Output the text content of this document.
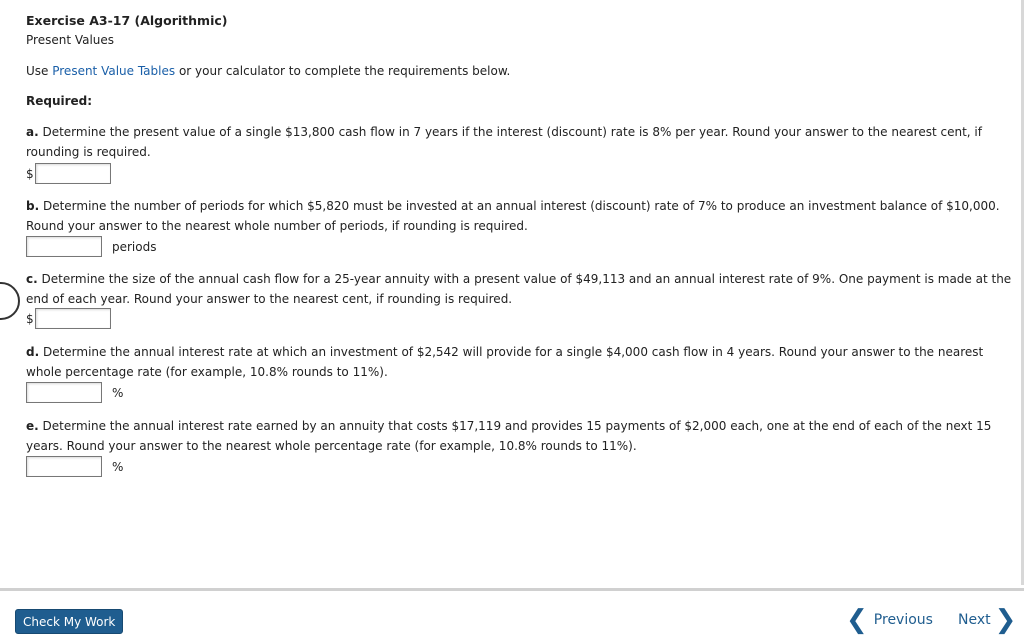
Exercise A3-17 (Algorithmic)
Present Values
Use Present Value Tables or your calculator to complete the requirements below.
Required:
a. Determine the present value of a single $13,800 cash flow in 7 years if the interest (discount) rate is 8% per year. Round your answer to the nearest cent, if rounding is required.
$
b. Determine the number of periods for which $5,820 must be invested at an annual interest (discount) rate of 7% to produce an investment balance of $10,000. Round your answer to the nearest whole number of periods, if rounding is required.
periods
c. Determine the size of the annual cash flow for a 25-year annuity with a present value of $49,113 and an annual interest rate of 9%. One payment is made at the end of each year. Round your answer to the nearest cent, if rounding is required.
$
d. Determine the annual interest rate at which an investment of $2,542 will provide for a single $4,000 cash flow in 4 years. Round your answer to the nearest whole percentage rate (for example, 10.8% rounds to 11%).
%
e. Determine the annual interest rate earned by an annuity that costs $17,119 and provides 15 payments of $2,000 each, one at the end of each of the next 15 years. Round your answer to the nearest whole percentage rate (for example, 10.8% rounds to 11%).
%
Check My Work	❮ Previous Next ❯
